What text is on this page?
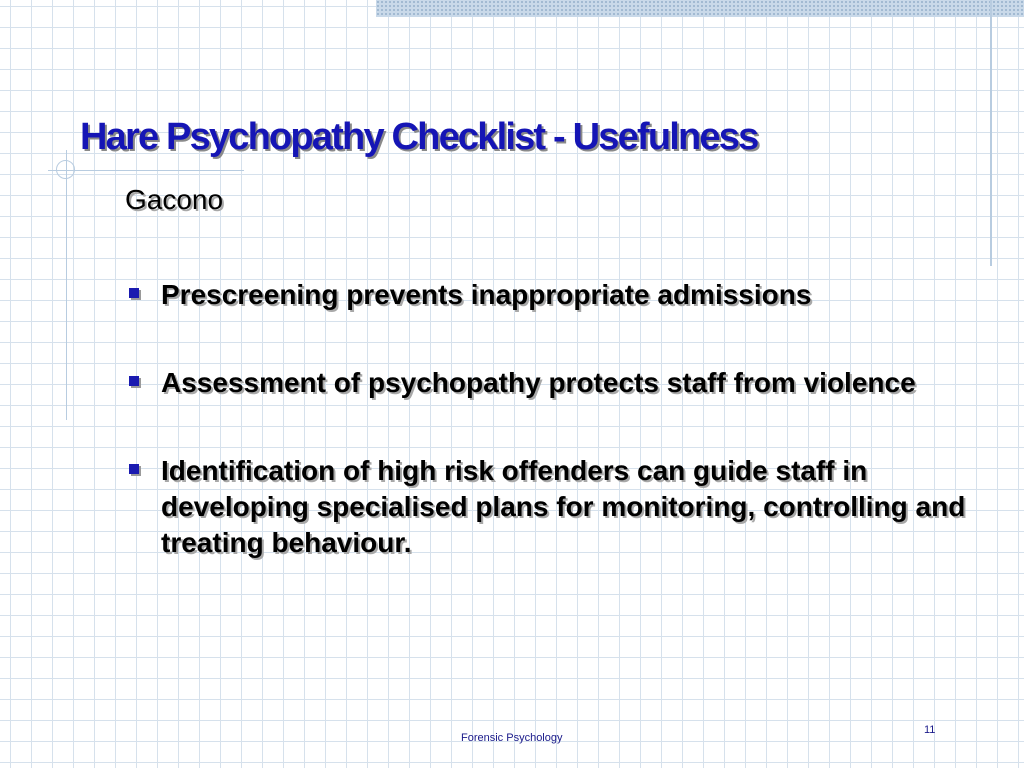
Hare Psychopathy Checklist - Usefulness
Gacono
Prescreening prevents inappropriate admissions
Assessment of psychopathy protects staff from violence
Identification of high risk offenders can guide staff in developing specialised plans for monitoring, controlling and treating behaviour.
Forensic Psychology
11
